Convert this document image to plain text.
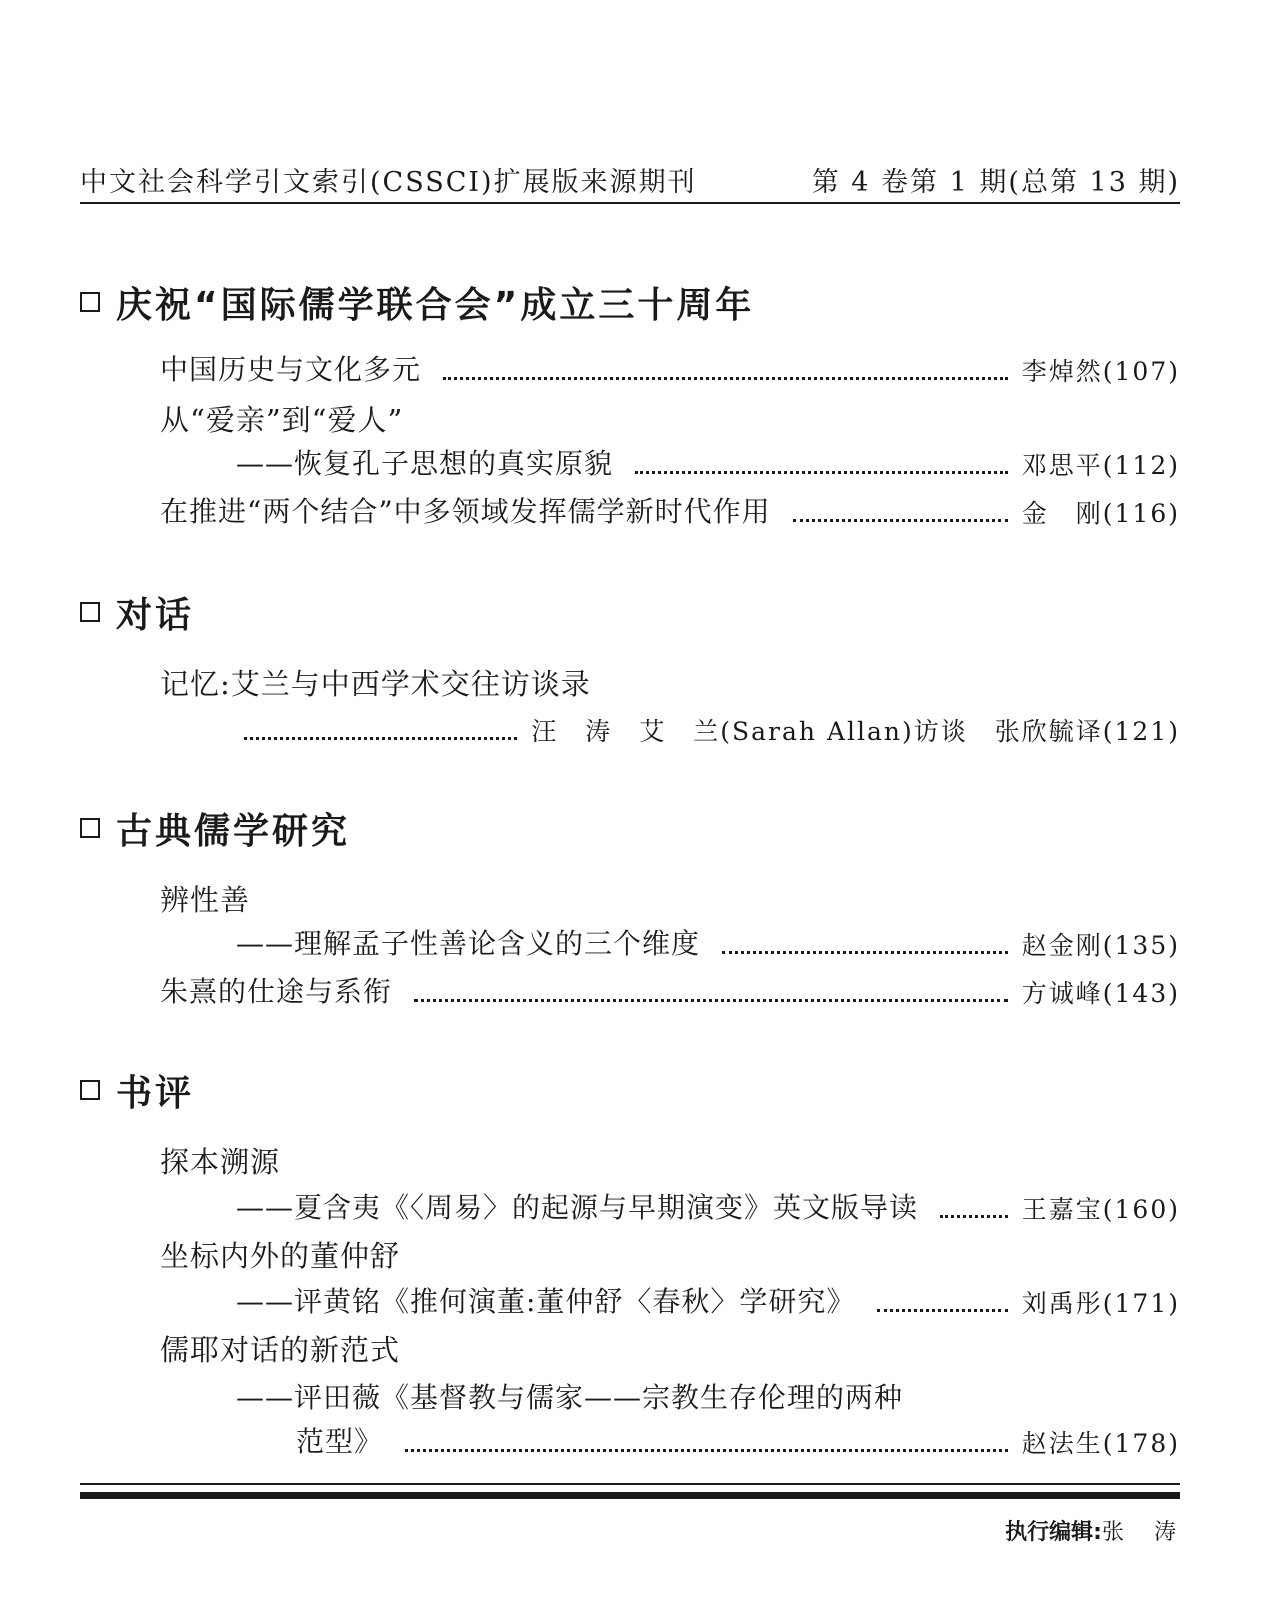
中文社会科学引文索引(CSSCI)扩展版来源期刊	第 4 卷第 1 期(总第 13 期)
庆祝“国际儒学联合会”成立三十周年
中国历史与文化多元	李焯然(107)
从“爱亲”到“爱人”
——恢复孔子思想的真实原貌	邓思平(112)
在推进“两个结合”中多领域发挥儒学新时代作用	金　刚(116)
对话
记忆:艾兰与中西学术交往访谈录
汪　涛　艾　兰(Sarah Allan)访谈　张欣毓译(121)
古典儒学研究
辨性善
——理解孟子性善论含义的三个维度	赵金刚(135)
朱熹的仕途与系衔	方诚峰(143)
书评
探本溯源
——夏含夷《〈周易〉的起源与早期演变》英文版导读	王嘉宝(160)
坐标内外的董仲舒
——评黄铭《推何演董:董仲舒〈春秋〉学研究》	刘禹彤(171)
儒耶对话的新范式
——评田薇《基督教与儒家——宗教生存伦理的两种
范型》	赵法生(178)
执行编辑:张　涛
